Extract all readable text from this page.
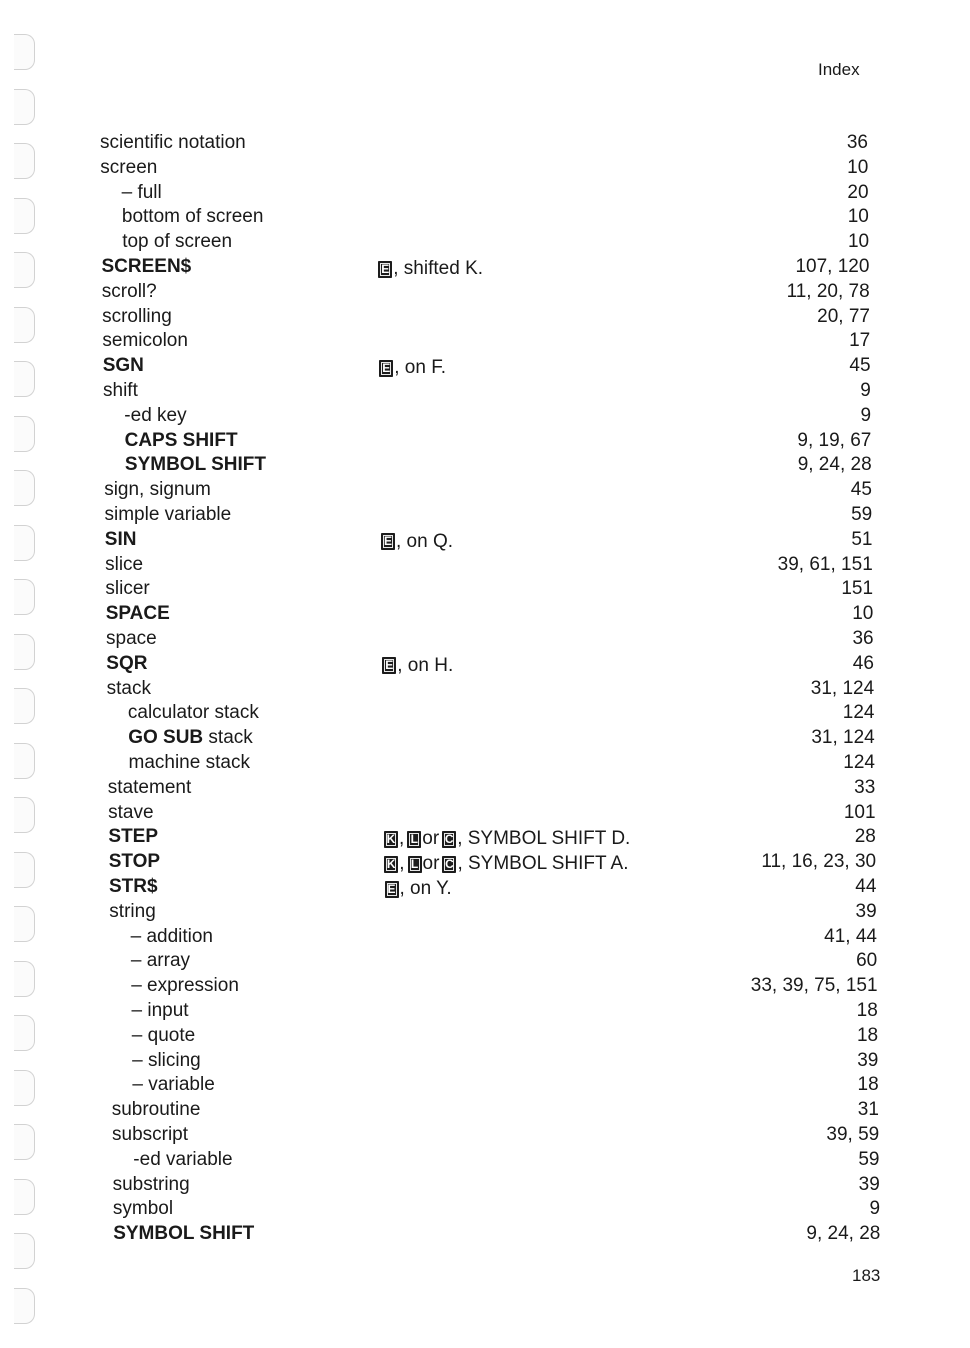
Index
scientific notation	36
screen	10
– full	20
bottom of screen	10
top of screen	10
SCREEN$	E , shifted K.	107, 120
scroll?	11, 20, 78
scrolling	20, 77
semicolon	17
SGN	E , on F.	45
shift	9
-ed key	9
CAPS SHIFT	9, 19, 67
SYMBOL SHIFT	9, 24, 28
sign, signum	45
simple variable	59
SIN	E , on Q.	51
slice	39, 61, 151
slicer	151
SPACE	10
space	36
SQR	E , on H.	46
stack	31, 124
calculator stack	124
GO SUB stack	31, 124
machine stack	124
statement	33
stave	101
STEP	K , L or C , SYMBOL SHIFT D.	28
STOP	K , L or C , SYMBOL SHIFT A.	11, 16, 23, 30
STR$	E , on Y.	44
string	39
– addition	41, 44
– array	60
– expression	33, 39, 75, 151
– input	18
– quote	18
– slicing	39
– variable	18
subroutine	31
subscript	39, 59
-ed variable	59
substring	39
symbol	9
SYMBOL SHIFT	9, 24, 28
183
